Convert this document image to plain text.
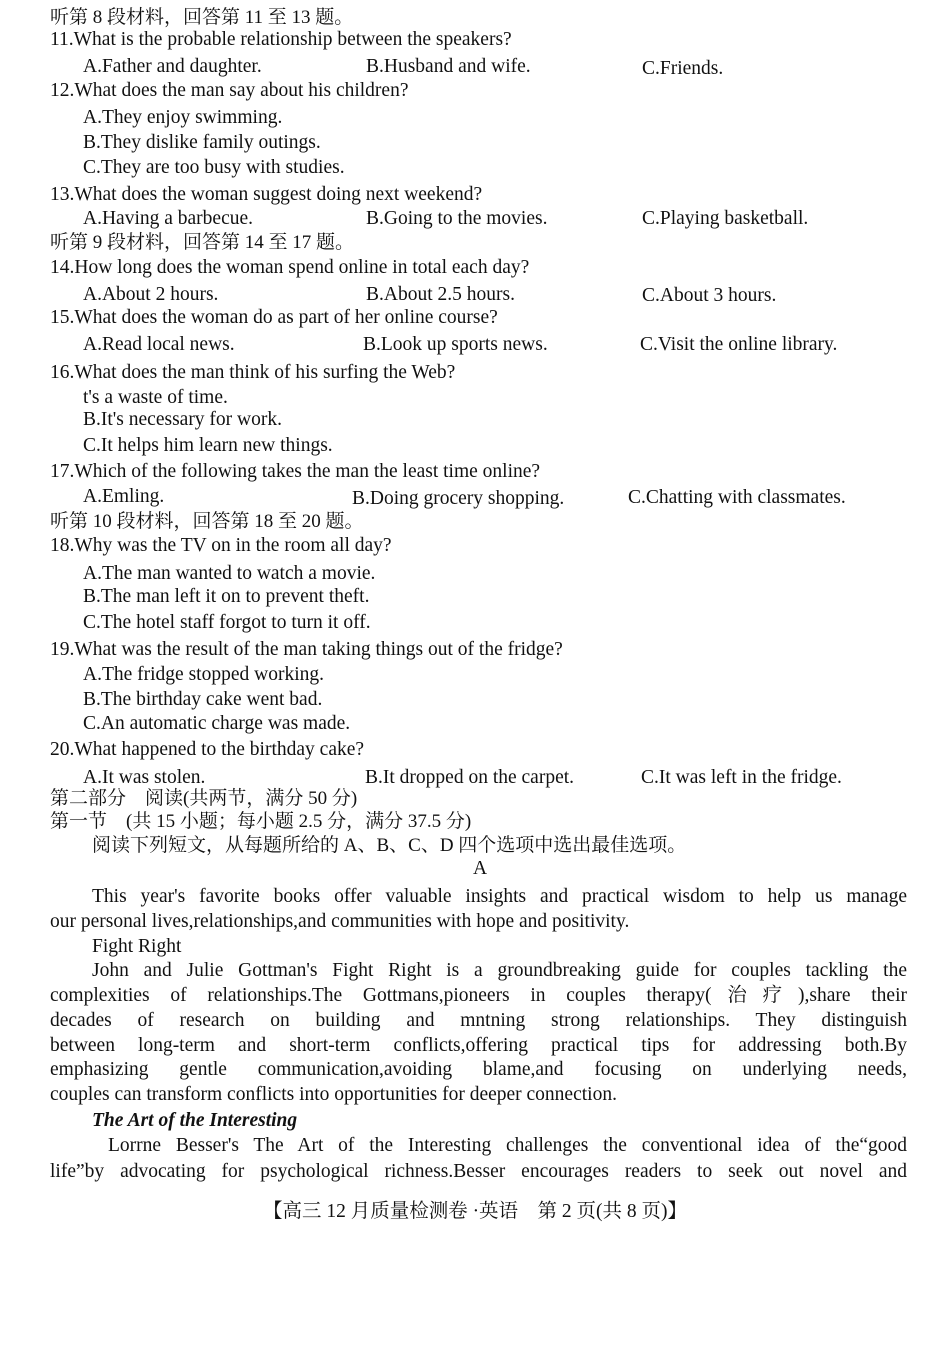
听第 8 段材料，回答第 11 至 13 题。
11.What is the probable relationship between the speakers?
A.Father and daughter.	B.Husband and wife.	C.Friends.
12.What does the man say about his children?
A.They enjoy swimming.
B.They dislike family outings.
C.They are too busy with studies.
13.What does the woman suggest doing next weekend?
A.Having a barbecue.	B.Going to the movies.	C.Playing basketball.
听第 9 段材料，回答第 14 至 17 题。
14.How long does the woman spend online in total each day?
A.About 2 hours.	B.About 2.5 hours.	C.About 3 hours.
15.What does the woman do as part of her online course?
A.Read local news.	B.Look up sports news.	C.Visit the online library.
16.What does the man think of his surfing the Web?
t's a waste of time.
B.It's necessary for work.
C.It helps him learn new things.
17.Which of the following takes the man the least time online?
A.Emling.	B.Doing grocery shopping.	C.Chatting with classmates.
听第 10 段材料，回答第 18 至 20 题。
18.Why was the TV on in the room all day?
A.The man wanted to watch a movie.
B.The man left it on to prevent theft.
C.The hotel staff forgot to turn it off.
19.What was the result of the man taking things out of the fridge?
A.The fridge stopped working.
B.The birthday cake went bad.
C.An automatic charge was made.
20.What happened to the birthday cake?
A.It was stolen.	B.It dropped on the carpet.	C.It was left in the fridge.
第二部分　阅读(共两节，满分 50 分)
第一节　(共 15 小题；每小题 2.5 分，满分 37.5 分)
阅读下列短文，从每题所给的 A、B、C、D 四个选项中选出最佳选项。
A
This year's favorite books offer valuable insights and practical wisdom to help us manage
our personal lives,relationships,and communities with hope and positivity.
Fight Right
John and Julie Gottman's Fight Right is a groundbreaking guide for couples tackling the
complexities of relationships.The Gottmans,pioneers in couples therapy(治疗),share their
decades of research on building and mntning strong relationships. They distinguish
between long-term and short-term conflicts,offering practical tips for addressing both.By
emphasizing gentle communication,avoiding blame,and focusing on underlying needs,
couples can transform conflicts into opportunities for deeper connection.
The Art of the Interesting
Lorrne Besser's The Art of the Interesting challenges the conventional idea of the“good
life”by advocating for psychological richness.Besser encourages readers to seek out novel and
【高三 12 月质量检测卷 ·英语　第 2 页(共 8 页)】
